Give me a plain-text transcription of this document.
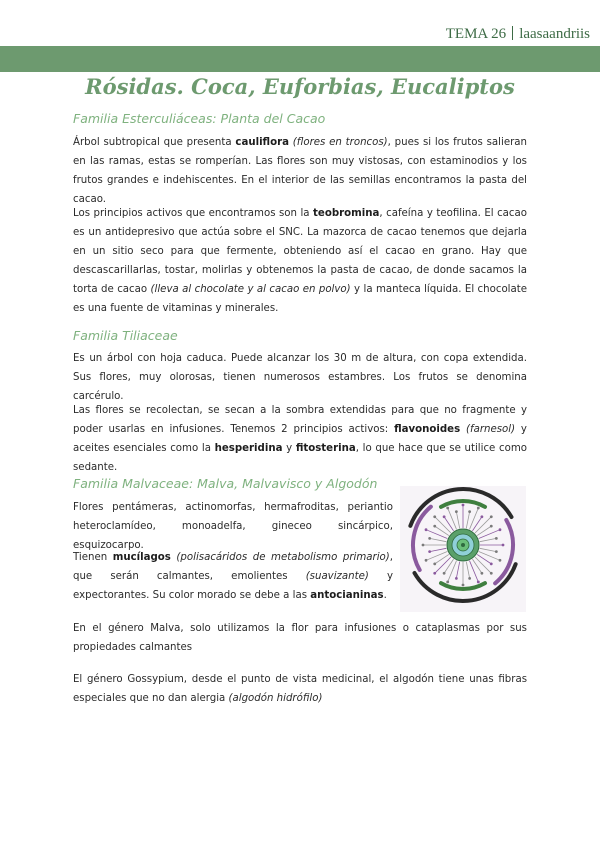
TEMA 26 laasaandriis
Rósidas. Coca, Euforbias, Eucaliptos
Familia Esterculiáceas: Planta del Cacao

Árbol subtropical que presenta cauliflora (flores en troncos), pues si los frutos salieran en las ramas, estas se romperían. Las flores son muy vistosas, con estaminodios y los frutos grandes e indehiscentes. En el interior de las semillas encontramos la pasta del cacao.

Los principios activos que encontramos son la teobromina, cafeína y teofilina. El cacao es un antidepresivo que actúa sobre el SNC. La mazorca de cacao tenemos que dejarla en un sitio seco para que fermente, obteniendo así el cacao en grano. Hay que descascarillarlas, tostar, molirlas y obtenemos la pasta de cacao, de donde sacamos la torta de cacao (lleva al chocolate y al cacao en polvo) y la manteca líquida. El chocolate es una fuente de vitaminas y minerales.

Familia Tiliaceae

Es un árbol con hoja caduca. Puede alcanzar los 30 m de altura, con copa extendida. Sus flores, muy olorosas, tienen numerosos estambres. Los frutos se denomina carcérulo.

Las flores se recolectan, se secan a la sombra extendidas para que no fragmente y poder usarlas en infusiones. Tenemos 2 principios activos: flavonoides (farnesol) y aceites esenciales como la hesperidina y fitosterina, lo que hace que se utilice como sedante.

Familia Malvaceae: Malva, Malvavisco y Algodón

Flores pentámeras, actinomorfas, hermafroditas, periantio heteroclamídeo, monoadelfa, gineceo sincárpico, esquizocarpo.

Tienen mucílagos (polisacáridos de metabolismo primario), que serán calmantes, emolientes (suavizante) y expectorantes. Su color morado se debe a las antocianinas.

En el género Malva, solo utilizamos la flor para infusiones o cataplasmas por sus propiedades calmantes

El género Gossypium, desde el punto de vista medicinal, el algodón tiene unas fibras especiales que no dan alergia (algodón hidrófilo)
